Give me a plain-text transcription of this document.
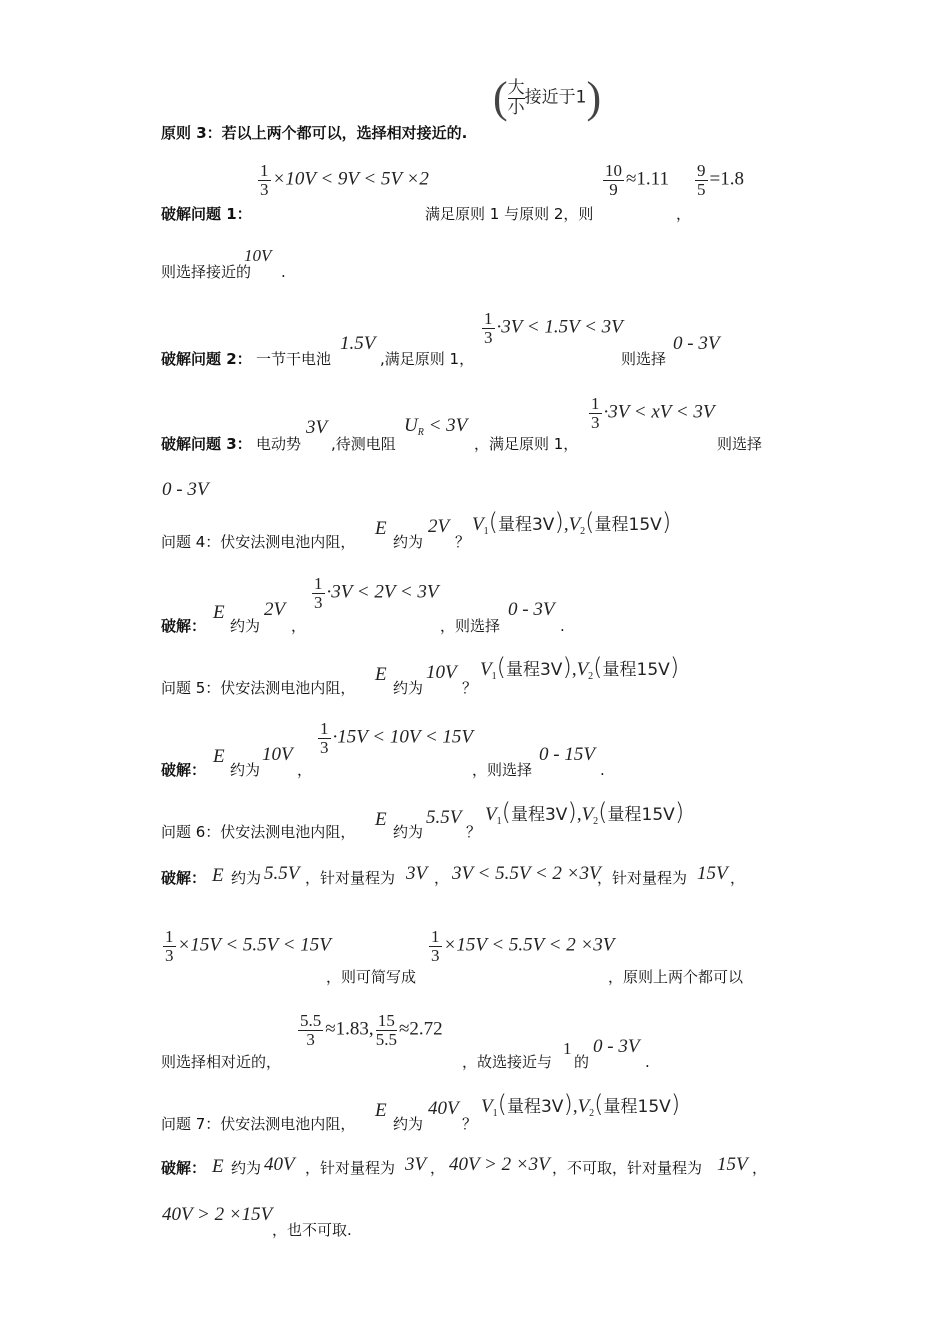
( 大
小
接近于1)
原则 3：若以上两个都可以，选择相对接近的.
$\frac{1}{3} \times 10V < 9V < 5V \times 2$	$\frac{10}{9} \approx 1.11 \frac{9}{5} =1.8$
破解问题 1：	满足原则 1 与原则 2，则	，
10V
则选择接近的 .
$\frac{1}{3} \cdot 3V < 1.5V < 3V$
1.5V	0 - 3V
破解问题 2： 一节干电池	,满足原则 1，	则选择
$\frac{1}{3} \cdot 3V$ < xV < 3V
3V	$U_R < 3V$
破解问题 3： 电动势 ,待测电阻	，满足原则 1，	则选择
0 - 3V
E 2V $V_1$(量程$3V),V_2$(量程15V)
问题 4：伏安法测电池内阻，	约为 ？
$\frac{1}{3} \cdot 3V < 2V < 3V$
E 2V	0 - 3V
破解： 约为 ，	，则选择	.
E 10V $V_1$(量程$3V),V_2$(量程15V)
问题 5：伏安法测电池内阻，	约为	？
$\frac{1}{3} \cdot 15V < 10V < 15V$
E 10V	0 - 15V
破解： 约为 ，	，则选择	.
E 5.5V $V_1$(量程$3V),V_2$(量程15V)
问题 6：伏安法测电池内阻，	约为	？
破解： E 约为 5.5V ，针对量程为 3V ， 3V < 5.5V < 2 ×3V
，针对量程为 15V ，
$\frac{1}{3} \times 15V < 5.5V < 15V$	$\frac{1}{3} \times 15V < 5.5V < 2 \times 3V$
，则可简写成	，原则上两个都可以
$\frac{5.5}{3} \approx 1.83$, $\frac{15}{5.5} \approx 2.72$
1 0 - 3V
则选择相对近的，	，故选接近与 的	.
E 40V $V_1$(量程$3V),V_2$(量程15V)
问题 7：伏安法测电池内阻，	约为	？
破解： E 约为 40V ，针对量程为 3V ， 40V > 2 ×3V ，不可取，针对量程为 15V ，
40V > 2 ×15V
，也不可取.
